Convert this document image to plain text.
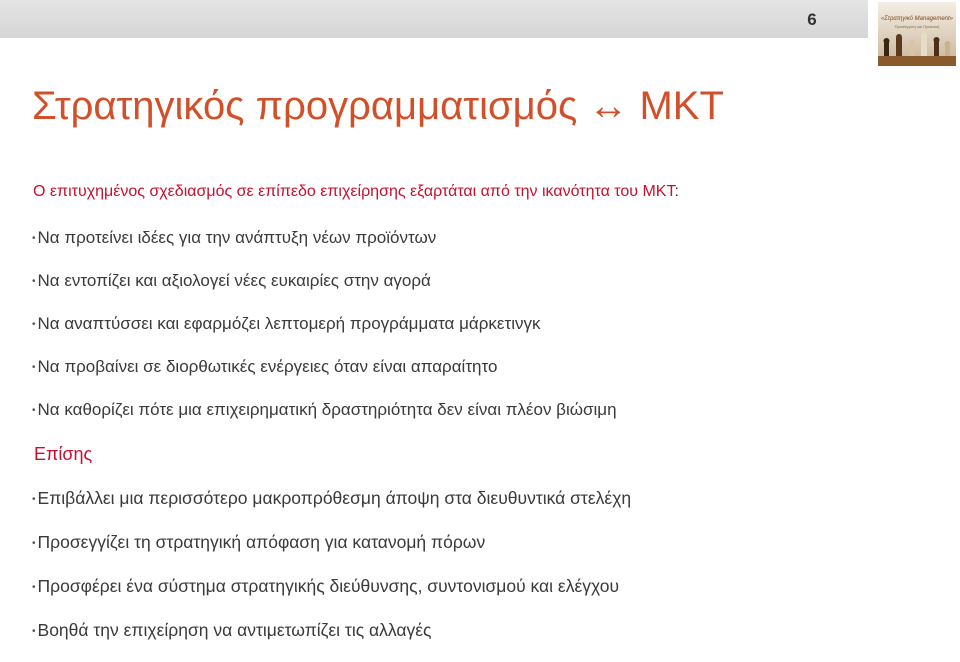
6	«Στρατηγικό Management»
Προσέγγιση και Πρακτική
Στρατηγικός προγραμματισμός ↔ ΜΚΤ
Ο επιτυχημένος σχεδιασμός σε επίπεδο επιχείρησης εξαρτάται από την ικανότητα του ΜΚΤ:
• Να προτείνει ιδέες για την ανάπτυξη νέων προϊόντων
• Να εντοπίζει και αξιολογεί νέες ευκαιρίες στην αγορά
• Να αναπτύσσει και εφαρμόζει λεπτομερή προγράμματα μάρκετινγκ
• Να προβαίνει σε διορθωτικές ενέργειες όταν είναι απαραίτητο
• Να καθορίζει πότε μια επιχειρηματική δραστηριότητα δεν είναι πλέον βιώσιμη
Επίσης
• Επιβάλλει μια περισσότερο μακροπρόθεσμη άποψη στα διευθυντικά στελέχη
• Προσεγγίζει τη στρατηγική απόφαση για κατανομή πόρων
• Προσφέρει ένα σύστημα στρατηγικής διεύθυνσης, συντονισμού και ελέγχου
• Βοηθά την επιχείρηση να αντιμετωπίζει τις αλλαγές
